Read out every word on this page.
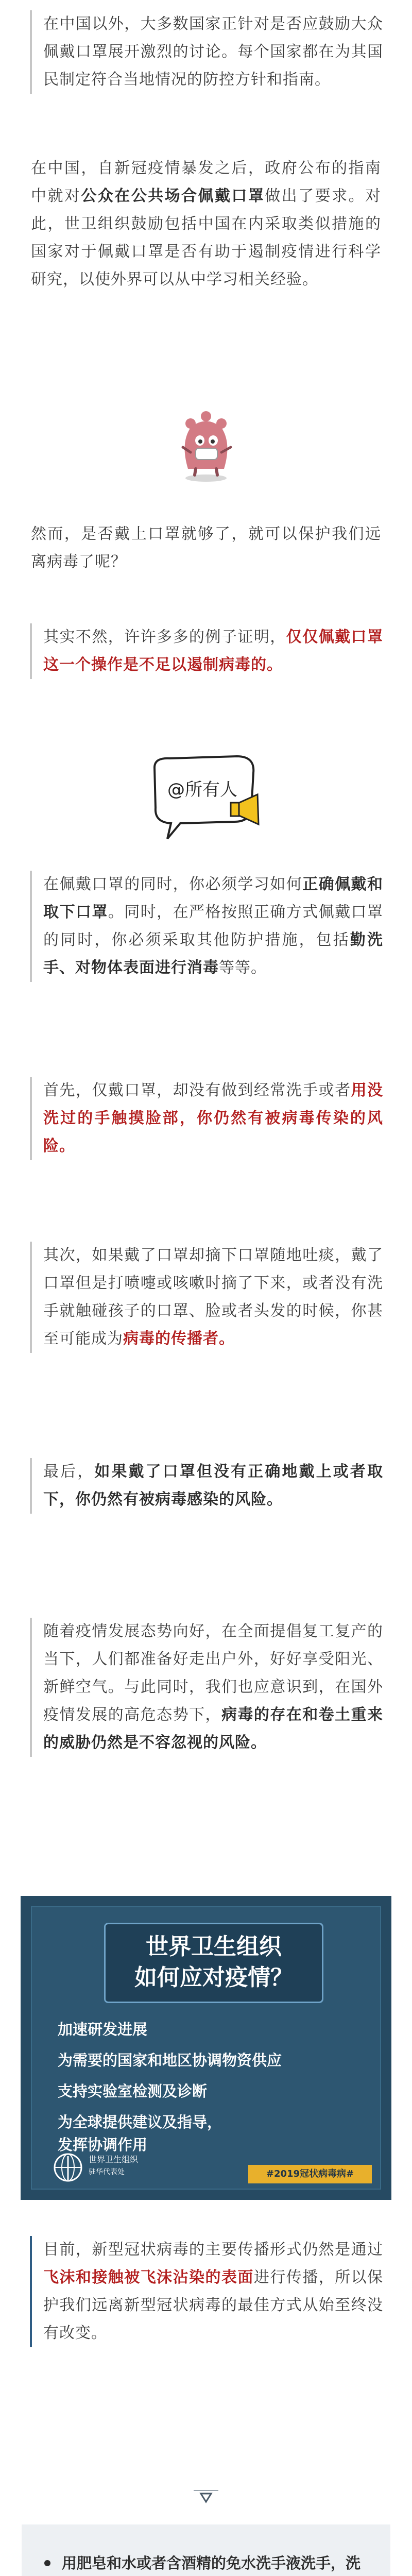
在中国以外，大多数国家正针对是否应鼓励大众佩戴口罩展开激烈的讨论。每个国家都在为其国民制定符合当地情况的防控方针和指南。
在中国，自新冠疫情暴发之后，政府公布的指南中就对公众在公共场合佩戴口罩做出了要求。对此，世卫组织鼓励包括中国在内采取类似措施的国家对于佩戴口罩是否有助于遏制疫情进行科学研究，以使外界可以从中学习相关经验。
然而，是否戴上口罩就够了，就可以保护我们远离病毒了呢？
其实不然，许许多多的例子证明，仅仅佩戴口罩这一个操作是不足以遏制病毒的。
@所有人
在佩戴口罩的同时，你必须学习如何正确佩戴和取下口罩。同时，在严格按照正确方式佩戴口罩的同时，你必须采取其他防护措施，包括勤洗手、对物体表面进行消毒等等。
首先，仅戴口罩，却没有做到经常洗手或者用没洗过的手触摸脸部，你仍然有被病毒传染的风险。
其次，如果戴了口罩却摘下口罩随地吐痰，戴了口罩但是打喷嚏或咳嗽时摘了下来，或者没有洗手就触碰孩子的口罩、脸或者头发的时候，你甚至可能成为病毒的传播者。
最后，如果戴了口罩但没有正确地戴上或者取下，你仍然有被病毒感染的风险。
随着疫情发展态势向好，在全面提倡复工复产的当下，人们都准备好走出户外，好好享受阳光、新鲜空气。与此同时，我们也应意识到，在国外疫情发展的高危态势下，病毒的存在和卷土重来的威胁仍然是不容忽视的风险。
世界卫生组织
如何应对疫情？
加速研发进展
为需要的国家和地区协调物资供应
支持实验室检测及诊断
为全球提供建议及指导，
发挥协调作用
世界卫生组织
驻华代表处	#2019冠状病毒病#
目前，新型冠状病毒的主要传播形式仍然是通过飞沫和接触被飞沫沾染的表面进行传播，所以保护我们远离新型冠状病毒的最佳方式从始至终没有改变。
用肥皂和水或者含酒精的免水洗手液洗手，洗
